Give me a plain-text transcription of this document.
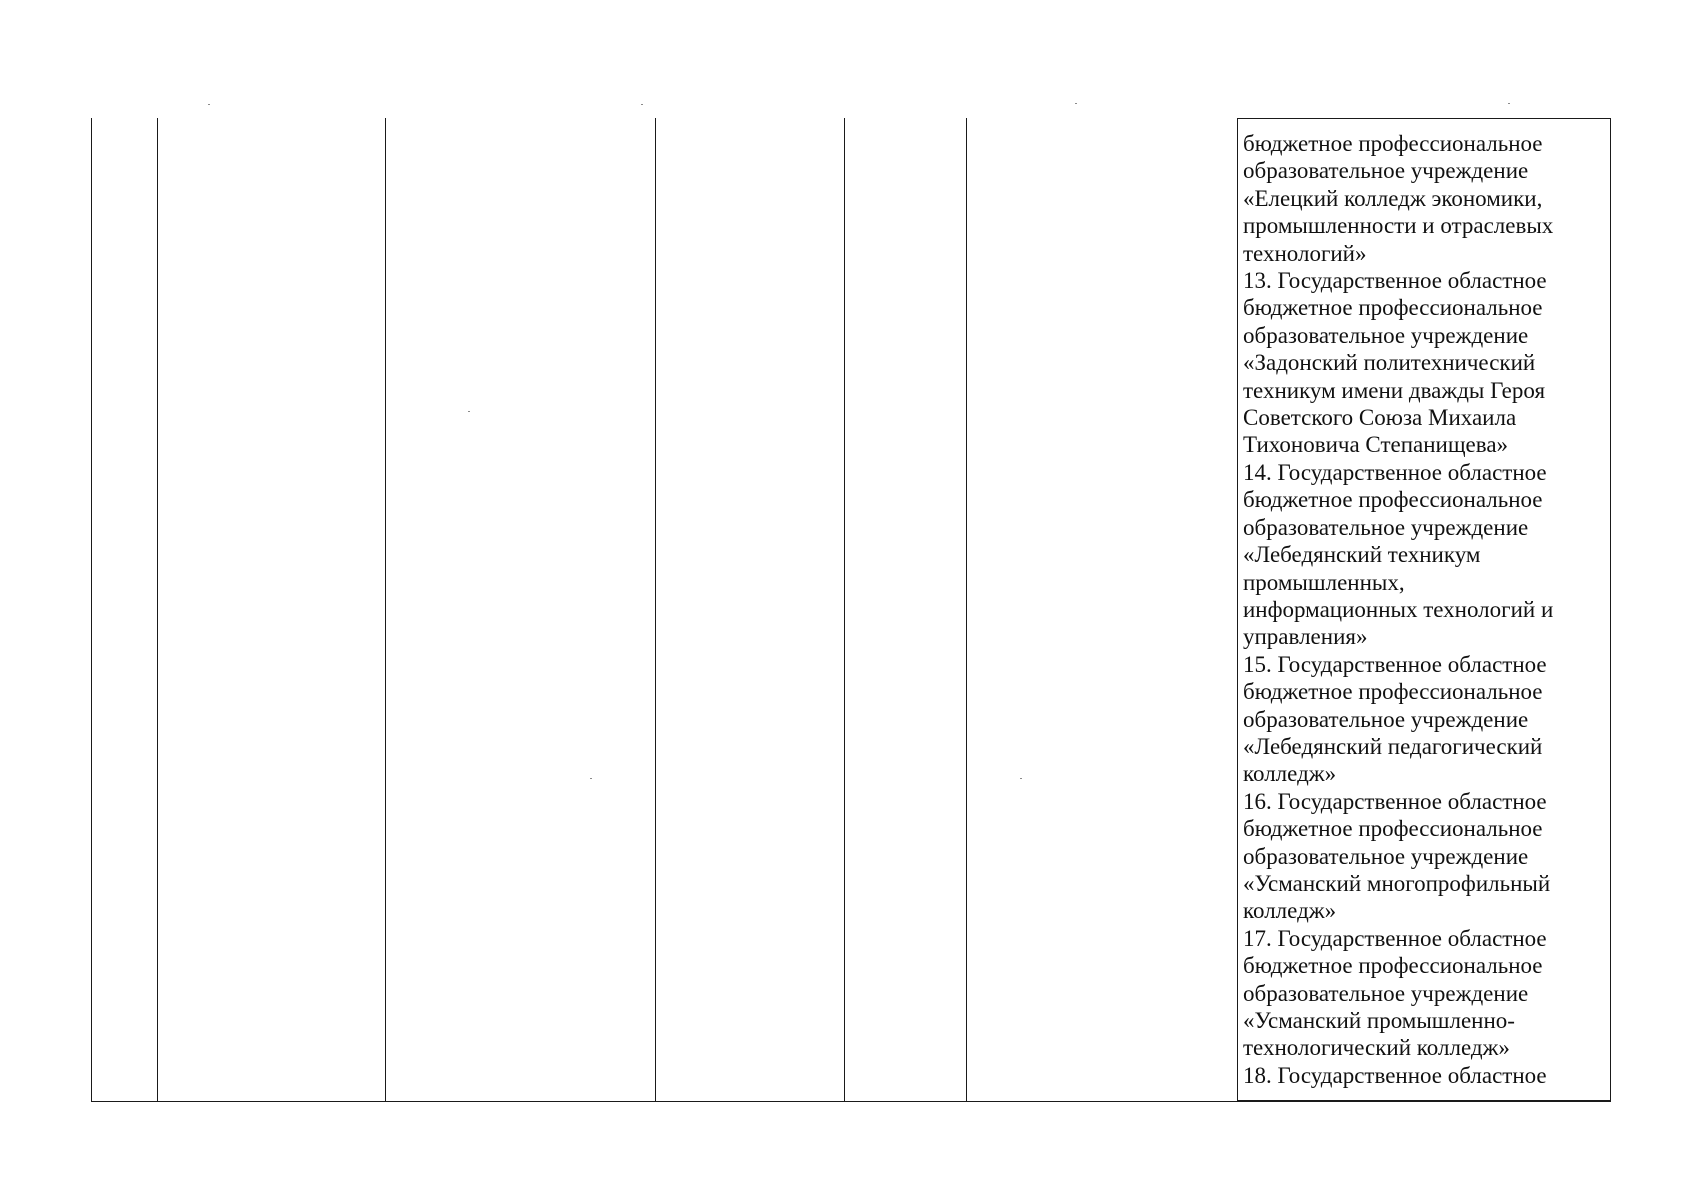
бюджетное профессиональное
образовательное учреждение
«Елецкий колледж экономики,
промышленности и отраслевых
технологий»
13. Государственное областное
бюджетное профессиональное
образовательное учреждение
«Задонский политехнический
техникум имени дважды Героя
Советского Союза Михаила
Тихоновича Степанищева»
14. Государственное областное
бюджетное профессиональное
образовательное учреждение
«Лебедянский техникум
промышленных,
информационных технологий и
управления»
15. Государственное областное
бюджетное профессиональное
образовательное учреждение
«Лебедянский педагогический
колледж»
16. Государственное областное
бюджетное профессиональное
образовательное учреждение
«Усманский многопрофильный
колледж»
17. Государственное областное
бюджетное профессиональное
образовательное учреждение
«Усманский промышленно-
технологический колледж»
18. Государственное областное
